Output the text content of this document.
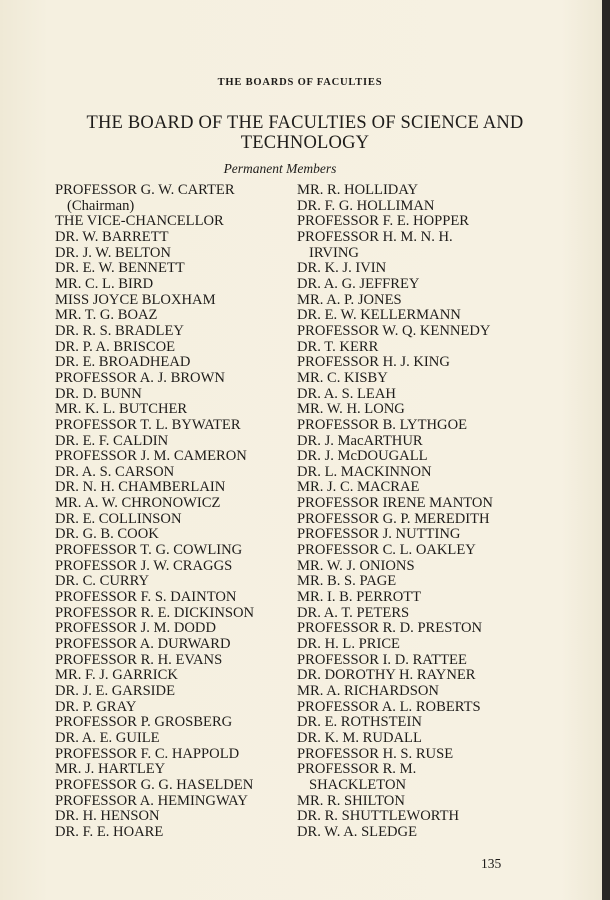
THE BOARDS OF FACULTIES
THE BOARD OF THE FACULTIES OF SCIENCE AND TECHNOLOGY
Permanent Members
PROFESSOR G. W. CARTER
(Chairman)
THE VICE-CHANCELLOR
DR. W. BARRETT
DR. J. W. BELTON
DR. E. W. BENNETT
MR. C. L. BIRD
MISS JOYCE BLOXHAM
MR. T. G. BOAZ
DR. R. S. BRADLEY
DR. P. A. BRISCOE
DR. E. BROADHEAD
PROFESSOR A. J. BROWN
DR. D. BUNN
MR. K. L. BUTCHER
PROFESSOR T. L. BYWATER
DR. E. F. CALDIN
PROFESSOR J. M. CAMERON
DR. A. S. CARSON
DR. N. H. CHAMBERLAIN
MR. A. W. CHRONOWICZ
DR. E. COLLINSON
DR. G. B. COOK
PROFESSOR T. G. COWLING
PROFESSOR J. W. CRAGGS
DR. C. CURRY
PROFESSOR F. S. DAINTON
PROFESSOR R. E. DICKINSON
PROFESSOR J. M. DODD
PROFESSOR A. DURWARD
PROFESSOR R. H. EVANS
MR. F. J. GARRICK
DR. J. E. GARSIDE
DR. P. GRAY
PROFESSOR P. GROSBERG
DR. A. E. GUILE
PROFESSOR F. C. HAPPOLD
MR. J. HARTLEY
PROFESSOR G. G. HASELDEN
PROFESSOR A. HEMINGWAY
DR. H. HENSON
DR. F. E. HOARE
MR. R. HOLLIDAY
DR. F. G. HOLLIMAN
PROFESSOR F. E. HOPPER
PROFESSOR H. M. N. H.
IRVING
DR. K. J. IVIN
DR. A. G. JEFFREY
MR. A. P. JONES
DR. E. W. KELLERMANN
PROFESSOR W. Q. KENNEDY
DR. T. KERR
PROFESSOR H. J. KING
MR. C. KISBY
DR. A. S. LEAH
MR. W. H. LONG
PROFESSOR B. LYTHGOE
DR. J. MacARTHUR
DR. J. McDOUGALL
DR. L. MACKINNON
MR. J. C. MACRAE
PROFESSOR IRENE MANTON
PROFESSOR G. P. MEREDITH
PROFESSOR J. NUTTING
PROFESSOR C. L. OAKLEY
MR. W. J. ONIONS
MR. B. S. PAGE
MR. I. B. PERROTT
DR. A. T. PETERS
PROFESSOR R. D. PRESTON
DR. H. L. PRICE
PROFESSOR I. D. RATTEE
DR. DOROTHY H. RAYNER
MR. A. RICHARDSON
PROFESSOR A. L. ROBERTS
DR. E. ROTHSTEIN
DR. K. M. RUDALL
PROFESSOR H. S. RUSE
PROFESSOR R. M.
SHACKLETON
MR. R. SHILTON
DR. R. SHUTTLEWORTH
DR. W. A. SLEDGE
135
